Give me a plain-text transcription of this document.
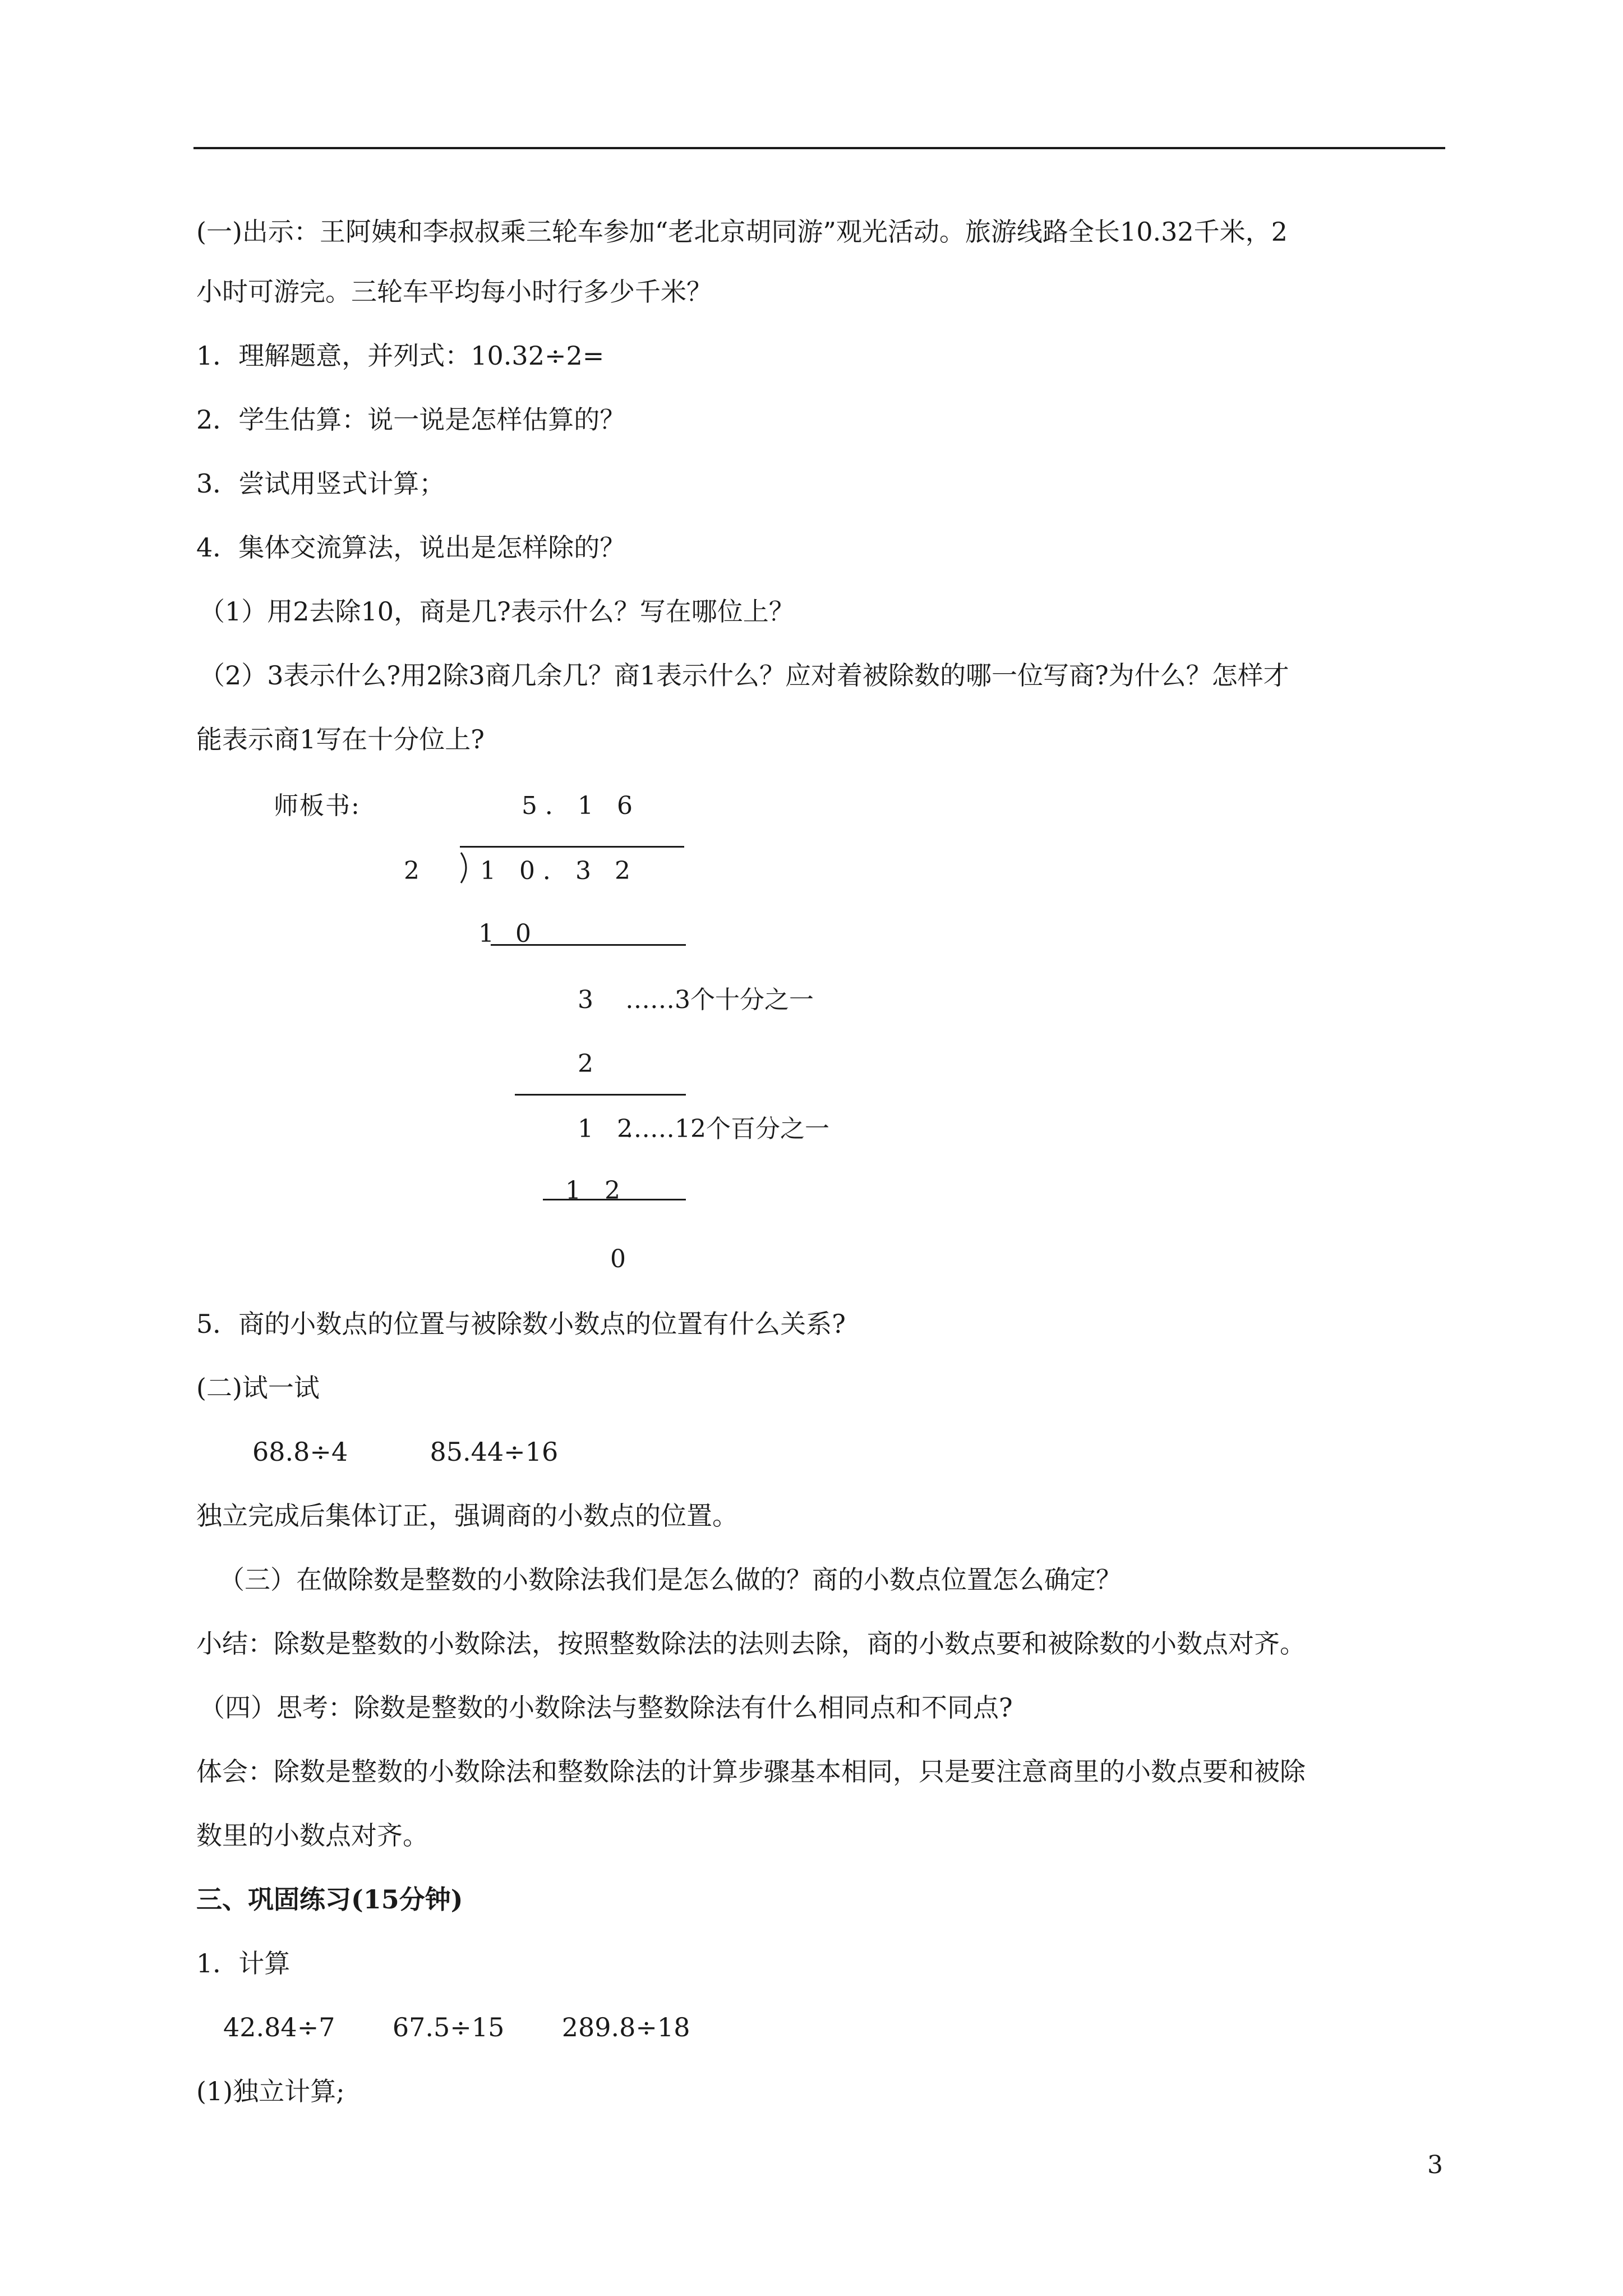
(一)出示：王阿姨和李叔叔乘三轮车参加“老北京胡同游”观光活动。旅游线路全长10.32千米，2
小时可游完。三轮车平均每小时行多少千米？
1．理解题意，并列式：10.32÷2=
2．学生估算：说一说是怎样估算的？
3．尝试用竖式计算；
4．集体交流算法，说出是怎样除的？
（1）用2去除10，商是几?表示什么？写在哪位上？
（2）3表示什么?用2除3商几余几？商1表示什么？应对着被除数的哪一位写商?为什么？怎样才
能表示商1写在十分位上?
师板书:	5．1 6
2 1 0．3 2
1 0
3 ……3个十分之一
2
1 2
……12个百分之一
1 2
0
5．商的小数点的位置与被除数小数点的位置有什么关系?
(二)试一试
68.8÷4          85.44÷16
独立完成后集体订正，强调商的小数点的位置。
（三）在做除数是整数的小数除法我们是怎么做的？商的小数点位置怎么确定？
小结：除数是整数的小数除法，按照整数除法的法则去除，商的小数点要和被除数的小数点对齐。
（四）思考：除数是整数的小数除法与整数除法有什么相同点和不同点?
体会：除数是整数的小数除法和整数除法的计算步骤基本相同，只是要注意商里的小数点要和被除
数里的小数点对齐。
三、巩固练习(15分钟)
1．计算
42.84÷7       67.5÷15       289.8÷18
(1)独立计算;
3
